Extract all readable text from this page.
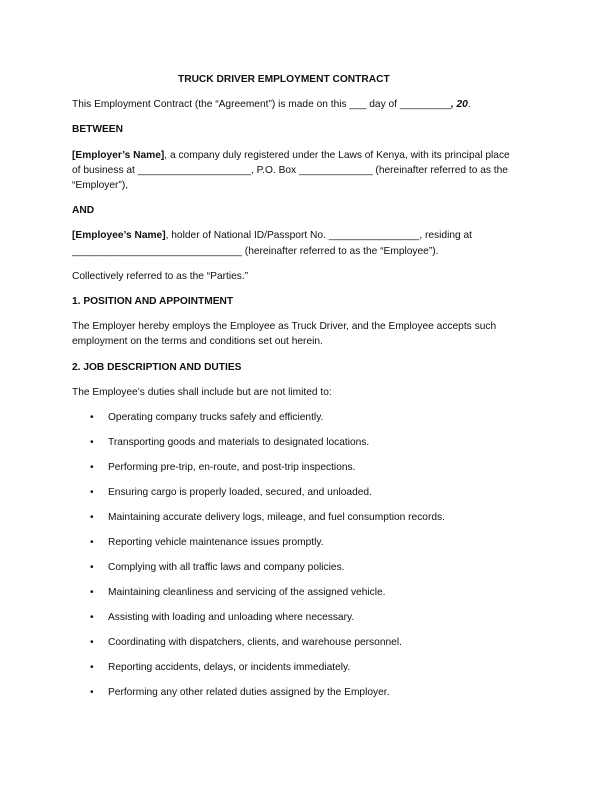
TRUCK DRIVER EMPLOYMENT CONTRACT

This Employment Contract (the “Agreement”) is made on this ___ day of _________, 20.

BETWEEN

[Employer’s Name], a company duly registered under the Laws of Kenya, with its principal place
of business at ____________________, P.O. Box _____________ (hereinafter referred to as the
“Employer”),

AND

[Employee’s Name], holder of National ID/Passport No. ________________, residing at
______________________________ (hereinafter referred to as the “Employee”).

Collectively referred to as the “Parties.”

1. POSITION AND APPOINTMENT

The Employer hereby employs the Employee as Truck Driver, and the Employee accepts such
employment on the terms and conditions set out herein.

2. JOB DESCRIPTION AND DUTIES

The Employee’s duties shall include but are not limited to:

• Operating company trucks safely and efficiently.
• Transporting goods and materials to designated locations.
• Performing pre-trip, en-route, and post-trip inspections.
• Ensuring cargo is properly loaded, secured, and unloaded.
• Maintaining accurate delivery logs, mileage, and fuel consumption records.
• Reporting vehicle maintenance issues promptly.
• Complying with all traffic laws and company policies.
• Maintaining cleanliness and servicing of the assigned vehicle.
• Assisting with loading and unloading where necessary.
• Coordinating with dispatchers, clients, and warehouse personnel.
• Reporting accidents, delays, or incidents immediately.
• Performing any other related duties assigned by the Employer.
